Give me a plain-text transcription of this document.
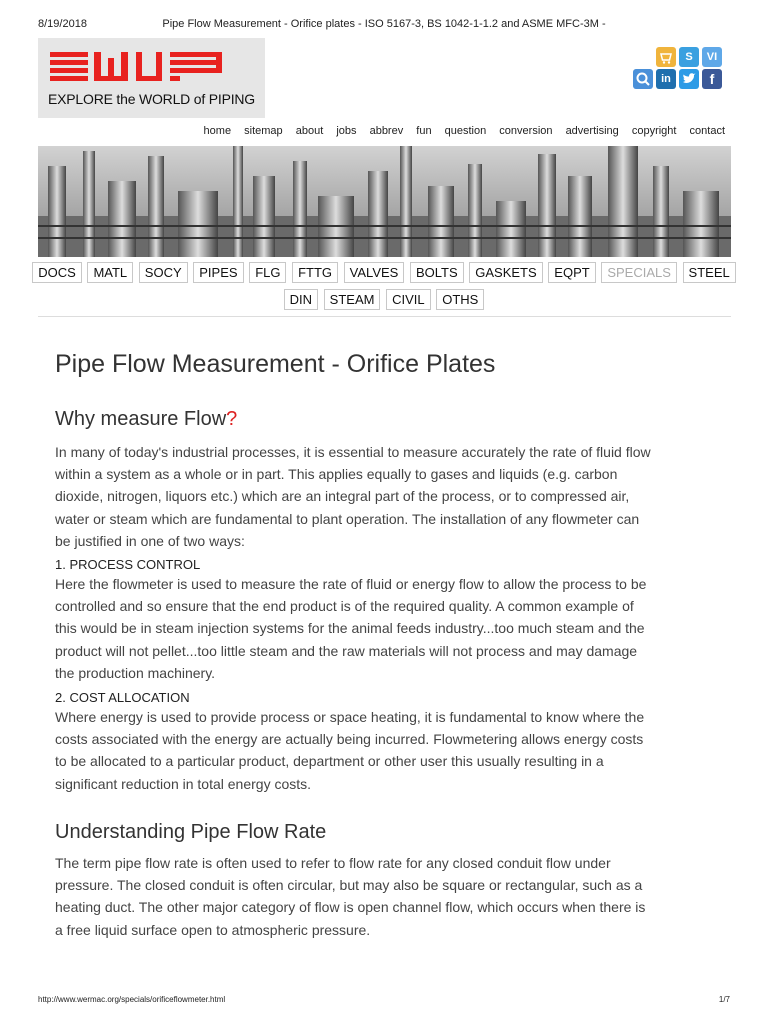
8/19/2018	Pipe Flow Measurement - Orifice plates - ISO 5167-3, BS 1042-1-1.2 and ASME MFC-3M -
EXPLORE the WORLD of PIPING
S	VI
in	f
home sitemap about jobs abbrev fun question conversion advertising copyright contact
DOCS MATL SOCY PIPES FLG FTTG VALVES BOLTS GASKETS EQPT SPECIALS STEEL
DIN STEAM CIVIL OTHS
Pipe Flow Measurement - Orifice Plates
Why measure Flow?
In many of today's industrial processes, it is essential to measure accurately the rate of fluid flow
within a system as a whole or in part. This applies equally to gases and liquids (e.g. carbon
dioxide, nitrogen, liquors etc.) which are an integral part of the process, or to compressed air,
water or steam which are fundamental to plant operation. The installation of any flowmeter can
be justified in one of two ways:
1. PROCESS CONTROL
Here the flowmeter is used to measure the rate of fluid or energy flow to allow the process to be
controlled and so ensure that the end product is of the required quality. A common example of
this would be in steam injection systems for the animal feeds industry...too much steam and the
product will not pellet...too little steam and the raw materials will not process and may damage
the production machinery.
2. COST ALLOCATION
Where energy is used to provide process or space heating, it is fundamental to know where the
costs associated with the energy are actually being incurred. Flowmetering allows energy costs
to be allocated to a particular product, department or other user this usually resulting in a
significant reduction in total energy costs.
Understanding Pipe Flow Rate
The term pipe flow rate is often used to refer to flow rate for any closed conduit flow under
pressure. The closed conduit is often circular, but may also be square or rectangular, such as a
heating duct. The other major category of flow is open channel flow, which occurs when there is
a free liquid surface open to atmospheric pressure.
http://www.wermac.org/specials/orificeflowmeter.html	1/7
